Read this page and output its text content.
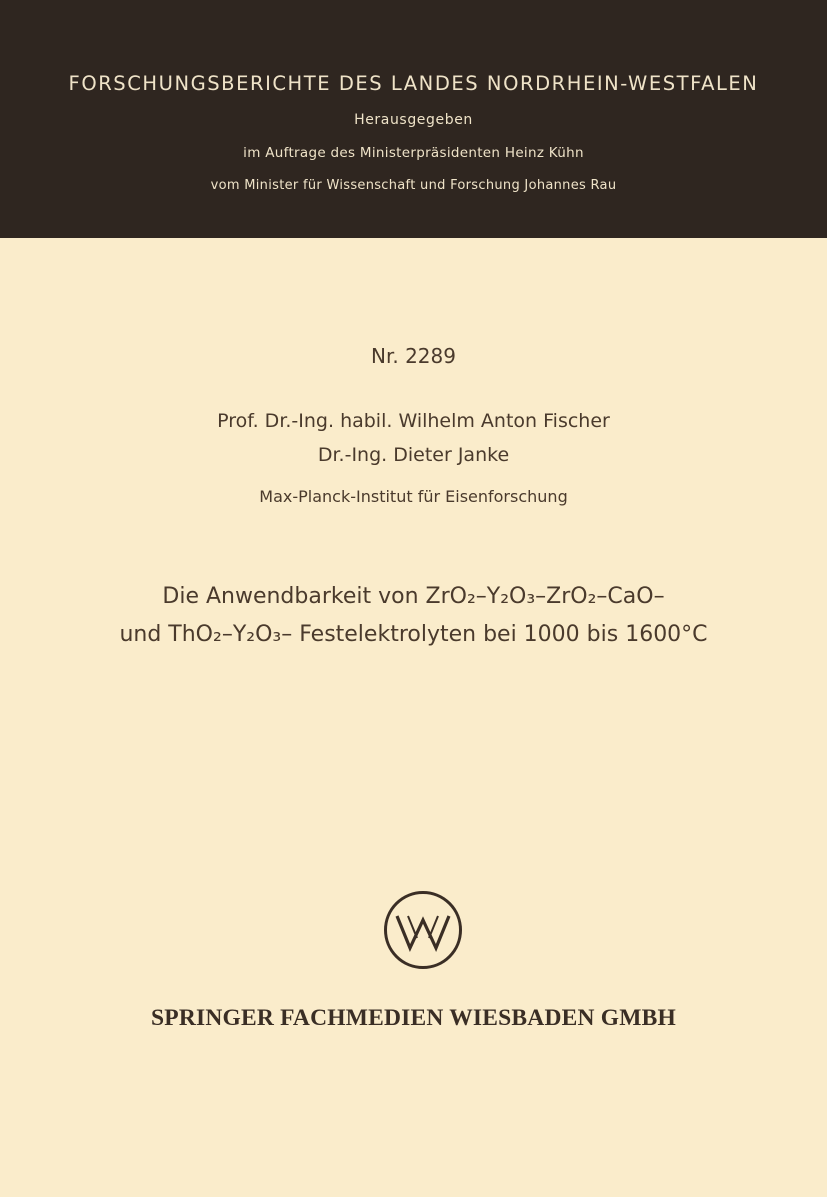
FORSCHUNGSBERICHTE DES LANDES NORDRHEIN-WESTFALEN
Herausgegeben
im Auftrage des Ministerpräsidenten Heinz Kühn
vom Minister für Wissenschaft und Forschung Johannes Rau
Nr. 2289
Prof. Dr.-Ing. habil. Wilhelm Anton Fischer
Dr.-Ing. Dieter Janke
Max-Planck-Institut für Eisenforschung
Die Anwendbarkeit von ZrO₂–Y₂O₃–ZrO₂–CaO–
und ThO₂–Y₂O₃– Festelektrolyten bei 1000 bis 1600°C
SPRINGER FACHMEDIEN WIESBADEN GMBH
